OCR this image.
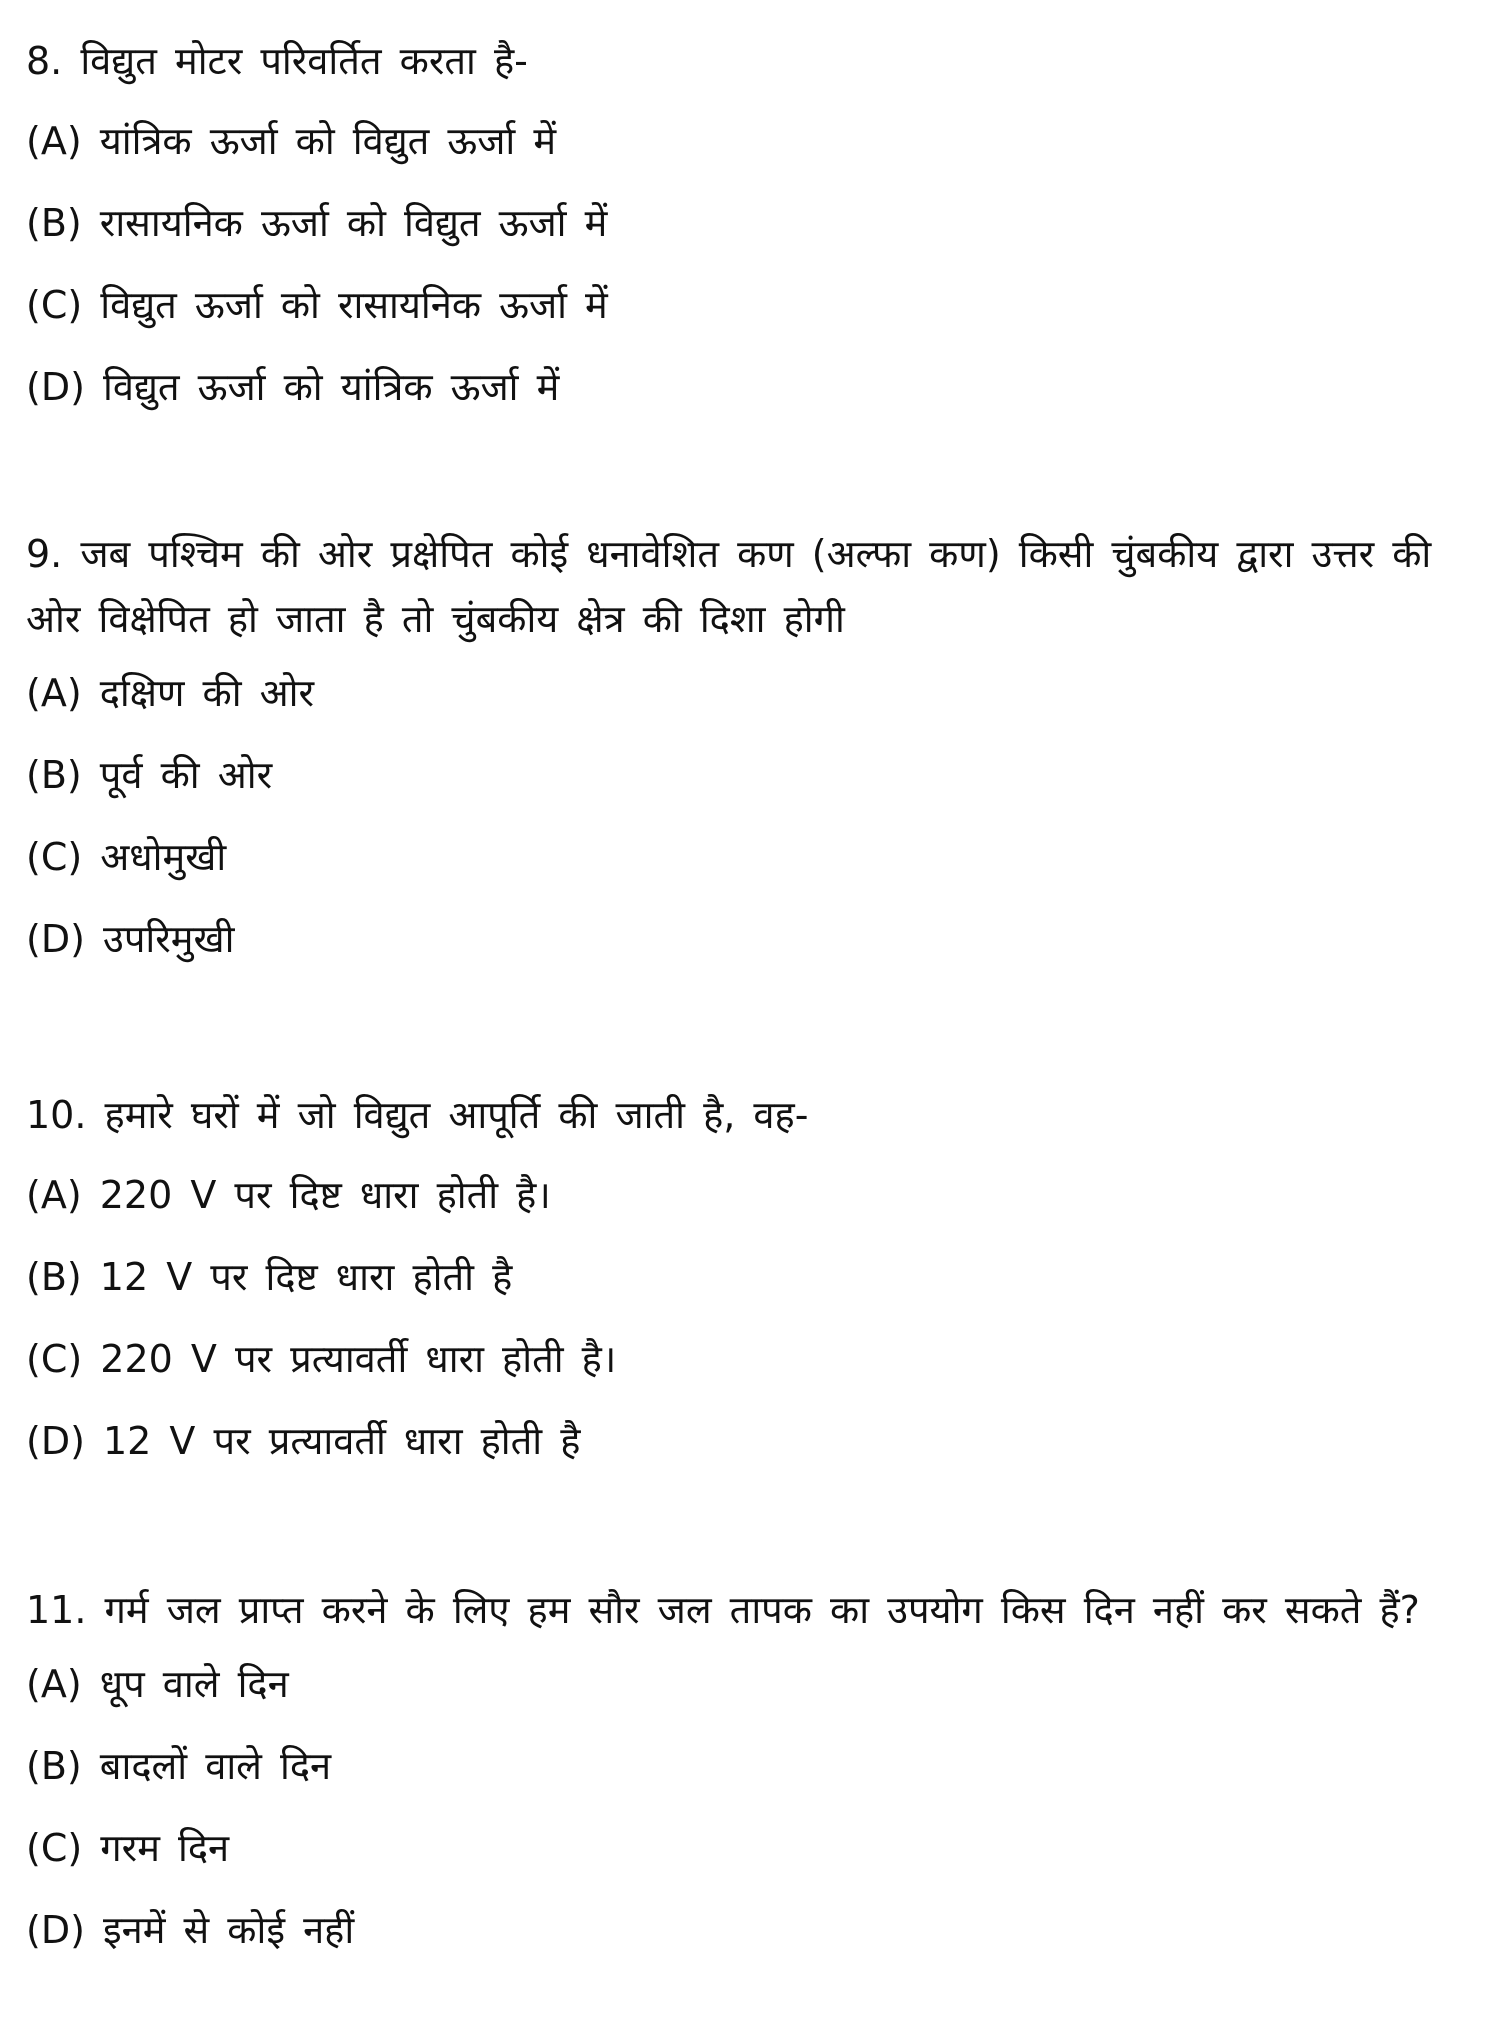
8. विद्युत मोटर परिवर्तित करता है-

(A) यांत्रिक ऊर्जा को विद्युत ऊर्जा में

(B) रासायनिक ऊर्जा को विद्युत ऊर्जा में

(C) विद्युत ऊर्जा को रासायनिक ऊर्जा में

(D) विद्युत ऊर्जा को यांत्रिक ऊर्जा में

9. जब पश्चिम की ओर प्रक्षेपित कोई धनावेशित कण (अल्फा कण) किसी चुंबकीय द्वारा उत्तर की ओर विक्षेपित हो जाता है तो चुंबकीय क्षेत्र की दिशा होगी

(A) दक्षिण की ओर

(B) पूर्व की ओर

(C) अधोमुखी

(D) उपरिमुखी

10. हमारे घरों में जो विद्युत आपूर्ति की जाती है, वह-

(A) 220 V पर दिष्ट धारा होती है।

(B) 12 V पर दिष्ट धारा होती है

(C) 220 V पर प्रत्यावर्ती धारा होती है।

(D) 12 V पर प्रत्यावर्ती धारा होती है

11. गर्म जल प्राप्त करने के लिए हम सौर जल तापक का उपयोग किस दिन नहीं कर सकते हैं?

(A) धूप वाले दिन

(B) बादलों वाले दिन

(C) गरम दिन

(D) इनमें से कोई नहीं
